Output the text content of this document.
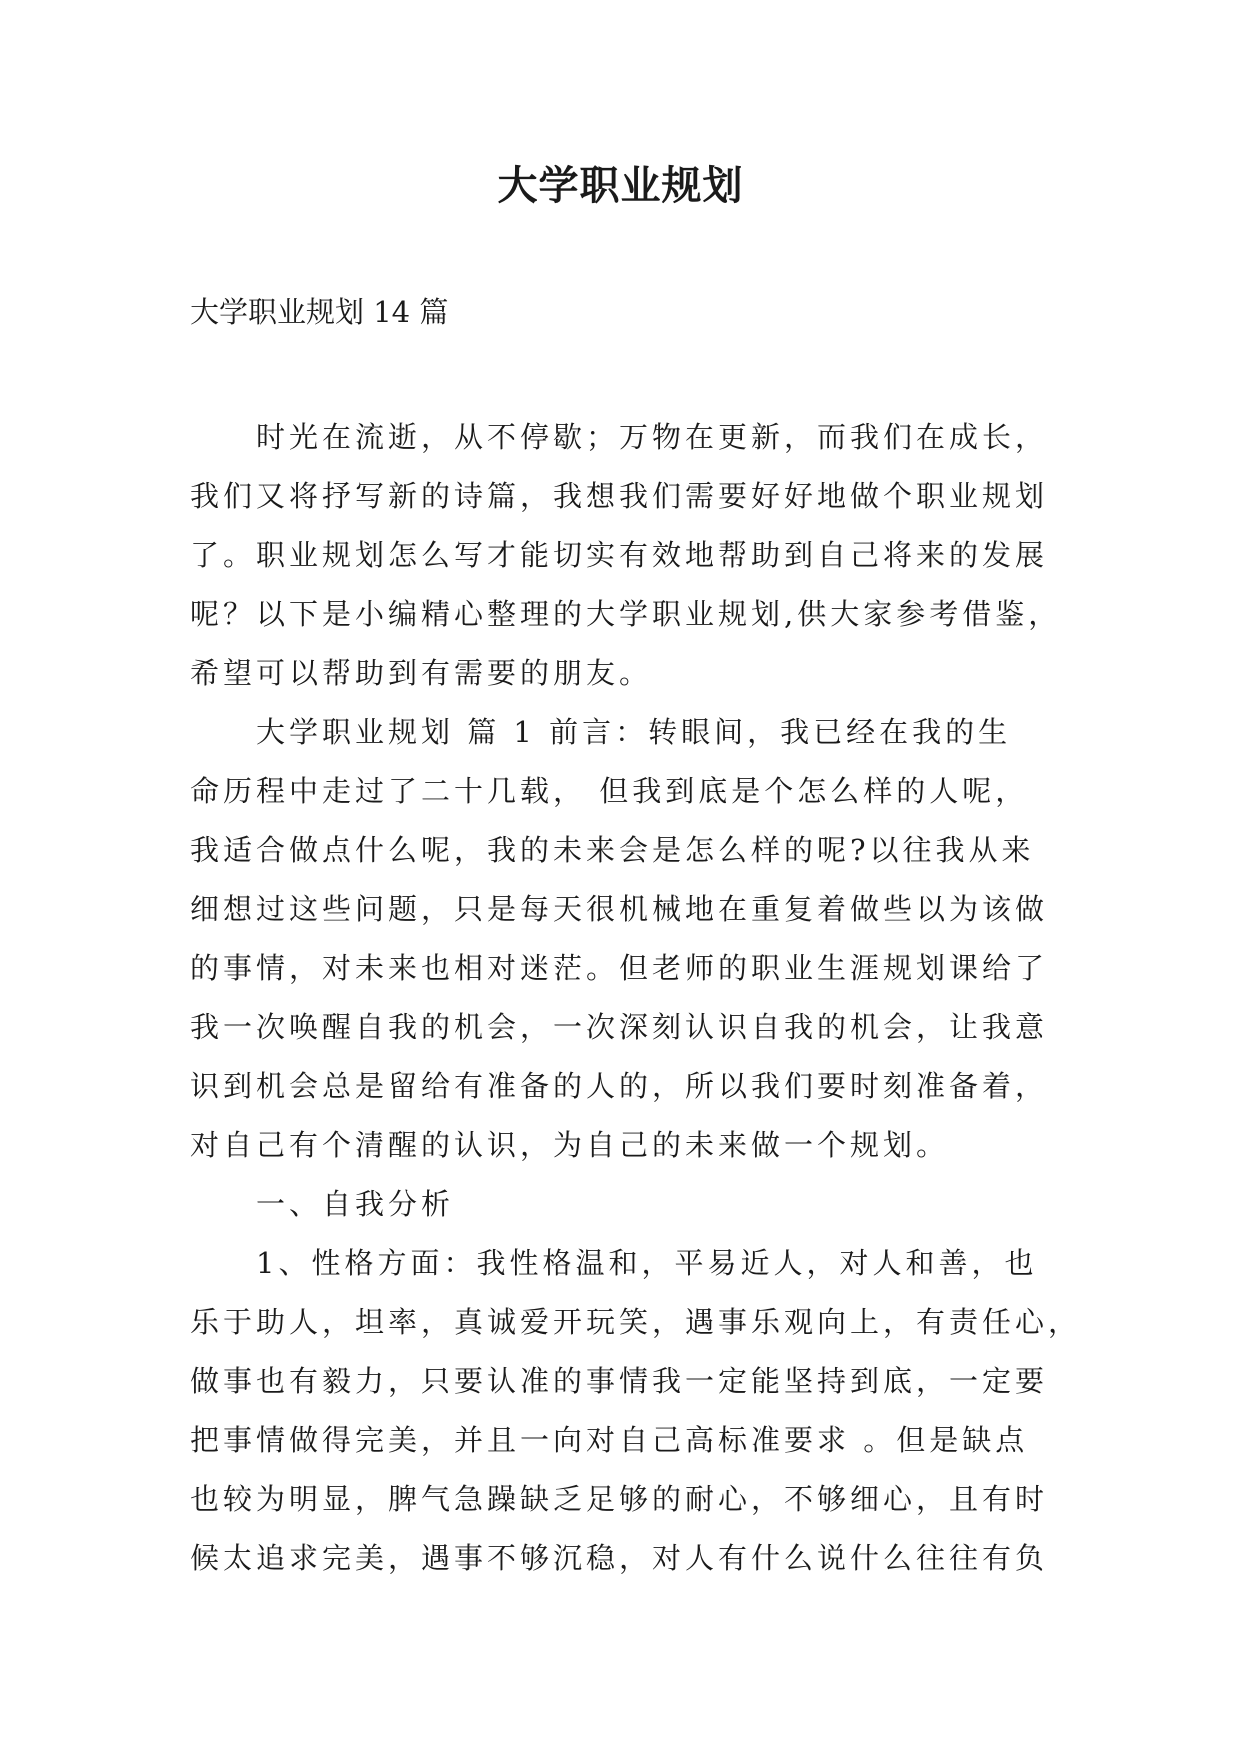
大学职业规划
大学职业规划 14 篇
时光在流逝，从不停歇；万物在更新，而我们在成长，
我们又将抒写新的诗篇，我想我们需要好好地做个职业规划
了。职业规划怎么写才能切实有效地帮助到自己将来的发展
呢？以下是小编精心整理的大学职业规划,供大家参考借鉴，
希望可以帮助到有需要的朋友。
大学职业规划 篇 1 前言：转眼间，我已经在我的生
命历程中走过了二十几载， 但我到底是个怎么样的人呢，
我适合做点什么呢，我的未来会是怎么样的呢?以往我从来
细想过这些问题，只是每天很机械地在重复着做些以为该做
的事情，对未来也相对迷茫。但老师的职业生涯规划课给了
我一次唤醒自我的机会，一次深刻认识自我的机会，让我意
识到机会总是留给有准备的人的，所以我们要时刻准备着，
对自己有个清醒的认识，为自己的未来做一个规划。
一、自我分析
1、性格方面：我性格温和，平易近人，对人和善，也
乐于助人，坦率，真诚爱开玩笑，遇事乐观向上，有责任心，
做事也有毅力，只要认准的事情我一定能坚持到底，一定要
把事情做得完美，并且一向对自己高标准要求 。但是缺点
也较为明显，脾气急躁缺乏足够的耐心，不够细心，且有时
候太追求完美，遇事不够沉稳，对人有什么说什么往往有负
